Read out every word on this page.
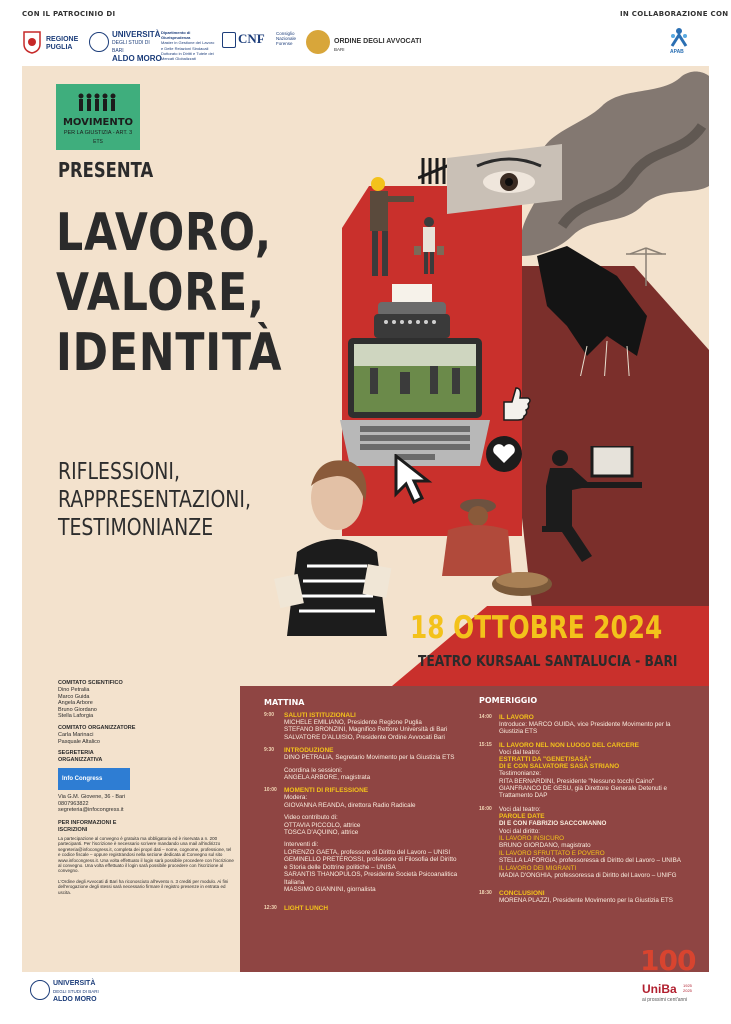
CON IL PATROCINIO DI	IN COLLABORAZIONE CON
REGIONE PUGLIA
UNIVERSITÀ
DEGLI STUDI DI BARI
ALDO MORO
Dipartimento di Giurisprudenza
Master in Gestione del Lavoro e Delle Relazioni Sindacali
Dottorato in Diritti e Tutele dei Mercati Globalizzati
CNF	Consiglio Nazionale Forense	ORDINE DEGLI AVVOCATI
BARI	APAB
MOVIMENTO
PER LA GIUSTIZIA - ART. 3
ETS
PRESENTA
LAVORO,
VALORE,
IDENTITÀ
RIFLESSIONI,
RAPPRESENTAZIONI,
TESTIMONIANZE
18 OTTOBRE 2024
TEATRO KURSAAL SANTALUCIA - BARI
COMITATO SCIENTIFICO
Dino Petralia
Marco Guida
Angela Arbore
Bruno Giordano
Stella Laforgia
COMITATO ORGANIZZATORE
Carla Marinaci
Pasquale Altalico
SEGRETERIA ORGANIZZATIVA
Info Congress
Via G.M. Giovene, 36 - Bari
0807963822
segreteria@infocongress.it
PER INFORMAZIONI E ISCRIZIONI
La partecipazione al convegno è gratuita ma obbligatoria ed è riservata a n. 200 partecipanti. Per l'iscrizione è necessario scrivere mandando una mail all'indirizzo segreteria@infocongress.it, completa dei propri dati – nome, cognome, professione, tel e codice fiscale – oppure registrandosi nella sezione dedicata al Convegno sul sito www.infocongress.it. Una volta effettuato il login sarà possibile procedere con l'iscrizione al convegno. Una volta effettuato il login sarà possibile procedere con l'iscrizione al convegno.
L'Ordine degli Avvocati di Bari ha riconosciuto all'evento n. 3 crediti per modulo. Ai fini dell'erogazione degli stessi sarà necessario firmare il registro presenze in entrata ed uscita.
MATTINA	POMERIGGIO
9:00	SALUTI ISTITUZIONALI
MICHELE EMILIANO, Presidente Regione Puglia
STEFANO BRONZINI, Magnifico Rettore Università di Bari
SALVATORE D'ALUISIO, Presidente Ordine Avvocati Bari
9:30	INTRODUZIONE
DINO PETRALIA, Segretario Movimento per la Giustizia ETS
Coordina le sessioni:
ANGELA ARBORE, magistrata
10:00 MOMENTI DI RIFLESSIONE
Modera:
GIOVANNA REANDA, direttora Radio Radicale
Video contributo di:
OTTAVIA PICCOLO, attrice
TOSCA D'AQUINO, attrice
Interventi di:
LORENZO GAETA, professore di Diritto del Lavoro – UNISI
GEMINELLO PRETEROSSI, professore di Filosofia del Diritto
e Storia delle Dottrine politiche – UNISA
SARANTIS THANOPULOS, Presidente Società Psicoanalitica
Italiana
MASSIMO GIANNINI, giornalista
12:30 LIGHT LUNCH
14:00 IL LAVORO
Introduce: MARCO GUIDA, vice Presidente Movimento per la
Giustizia ETS
15:15 IL LAVORO NEL NON LUOGO DEL CARCERE
Voci dal teatro:
ESTRATTI DA "GENET/SASÀ"
DI E CON SALVATORE SASÀ STRIANO
Testimonianze:
RITA BERNARDINI, Presidente "Nessuno tocchi Caino"
GIANFRANCO DE GESU, già Direttore Generale Detenuti e
Trattamento DAP
16:00 Voci dal teatro:
PAROLE DATE
DI E CON FABRIZIO SACCOMANNO
Voci dal diritto:
IL LAVORO INSICURO
BRUNO GIORDANO, magistrato
IL LAVORO SFRUTTATO E POVERO
STELLA LAFORGIA, professoressa di Diritto del Lavoro – UNIBA
IL LAVORO DEI MIGRANTI
MADIA D'ONGHIA, professoressa di Diritto del Lavoro – UNIFG
18:30 CONCLUSIONI
MORENA PLAZZI, Presidente Movimento per la Giustizia ETS
UNIVERSITÀ
DEGLI STUDI DI BARI
ALDO MORO
100
UniBa 1925 2025
ai prossimi cent'anni
